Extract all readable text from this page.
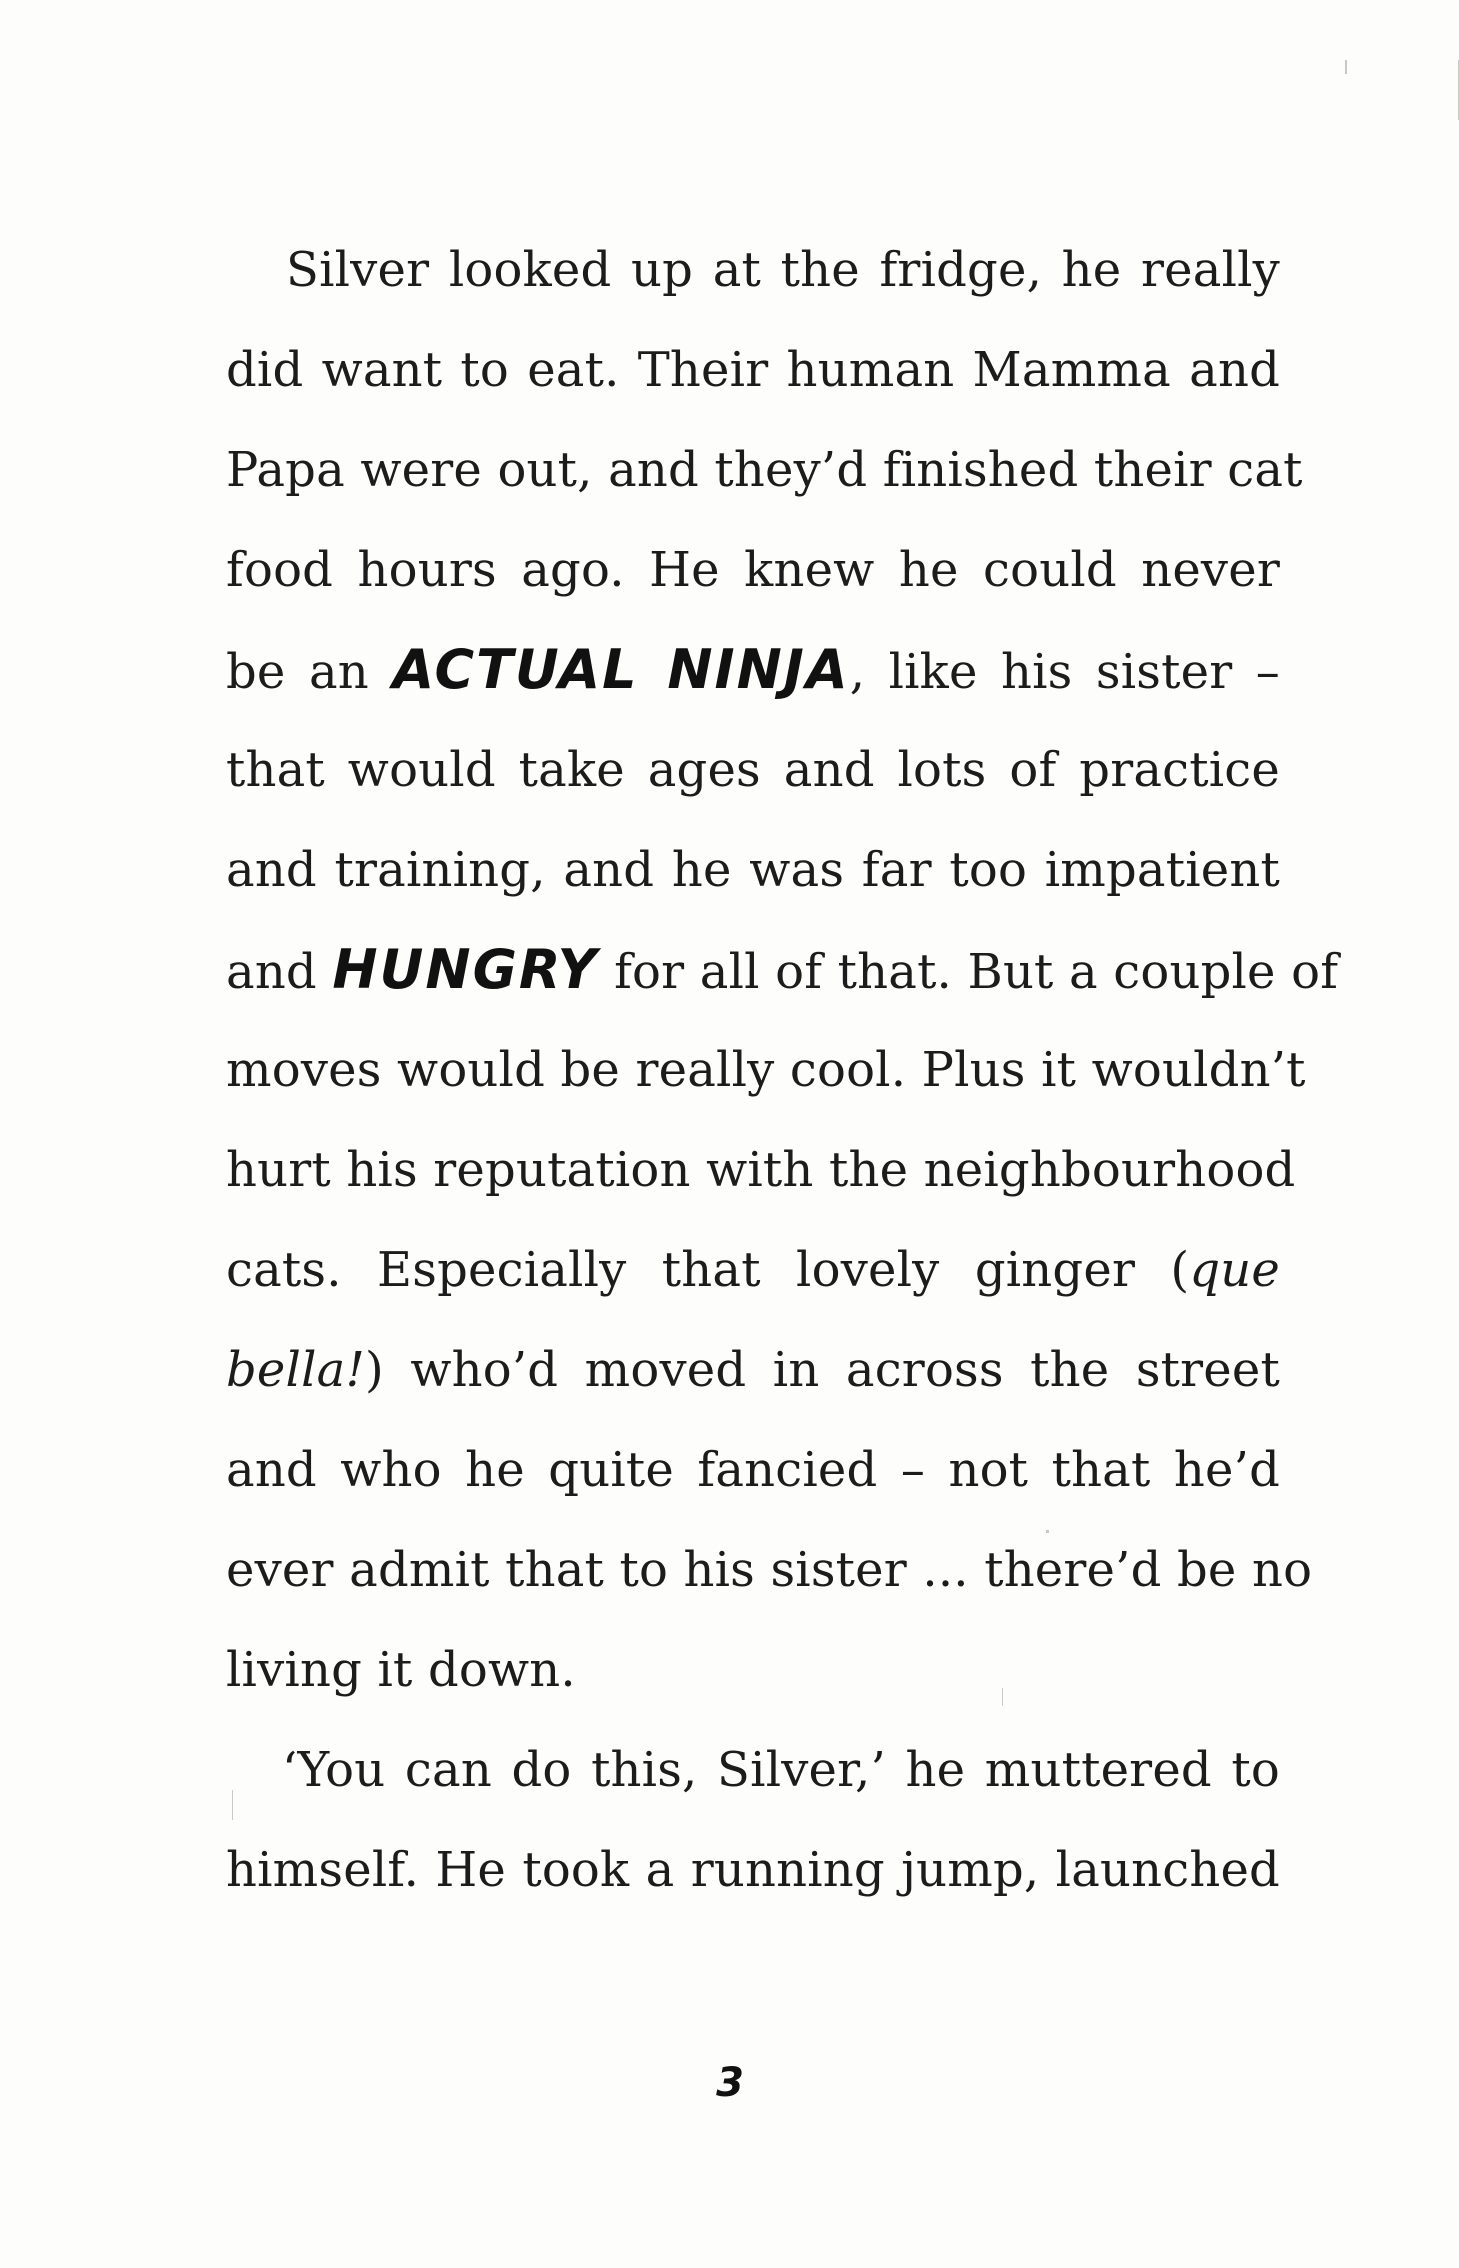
Silver looked up at the fridge, he really
did want to eat. Their human Mamma and
Papa were out, and they’d finished their cat
food hours ago. He knew he could never
be an ACTUAL NINJA, like his sister –
that would take ages and lots of practice
and training, and he was far too impatient
and HUNGRY for all of that. But a couple of
moves would be really cool. Plus it wouldn’t
hurt his reputation with the neighbourhood
cats. Especially that lovely ginger (que
bella!) who’d moved in across the street
and who he quite fancied – not that he’d
ever admit that to his sister ... there’d be no
living it down.
‘You can do this, Silver,’ he muttered to
himself. He took a running jump, launched
3
